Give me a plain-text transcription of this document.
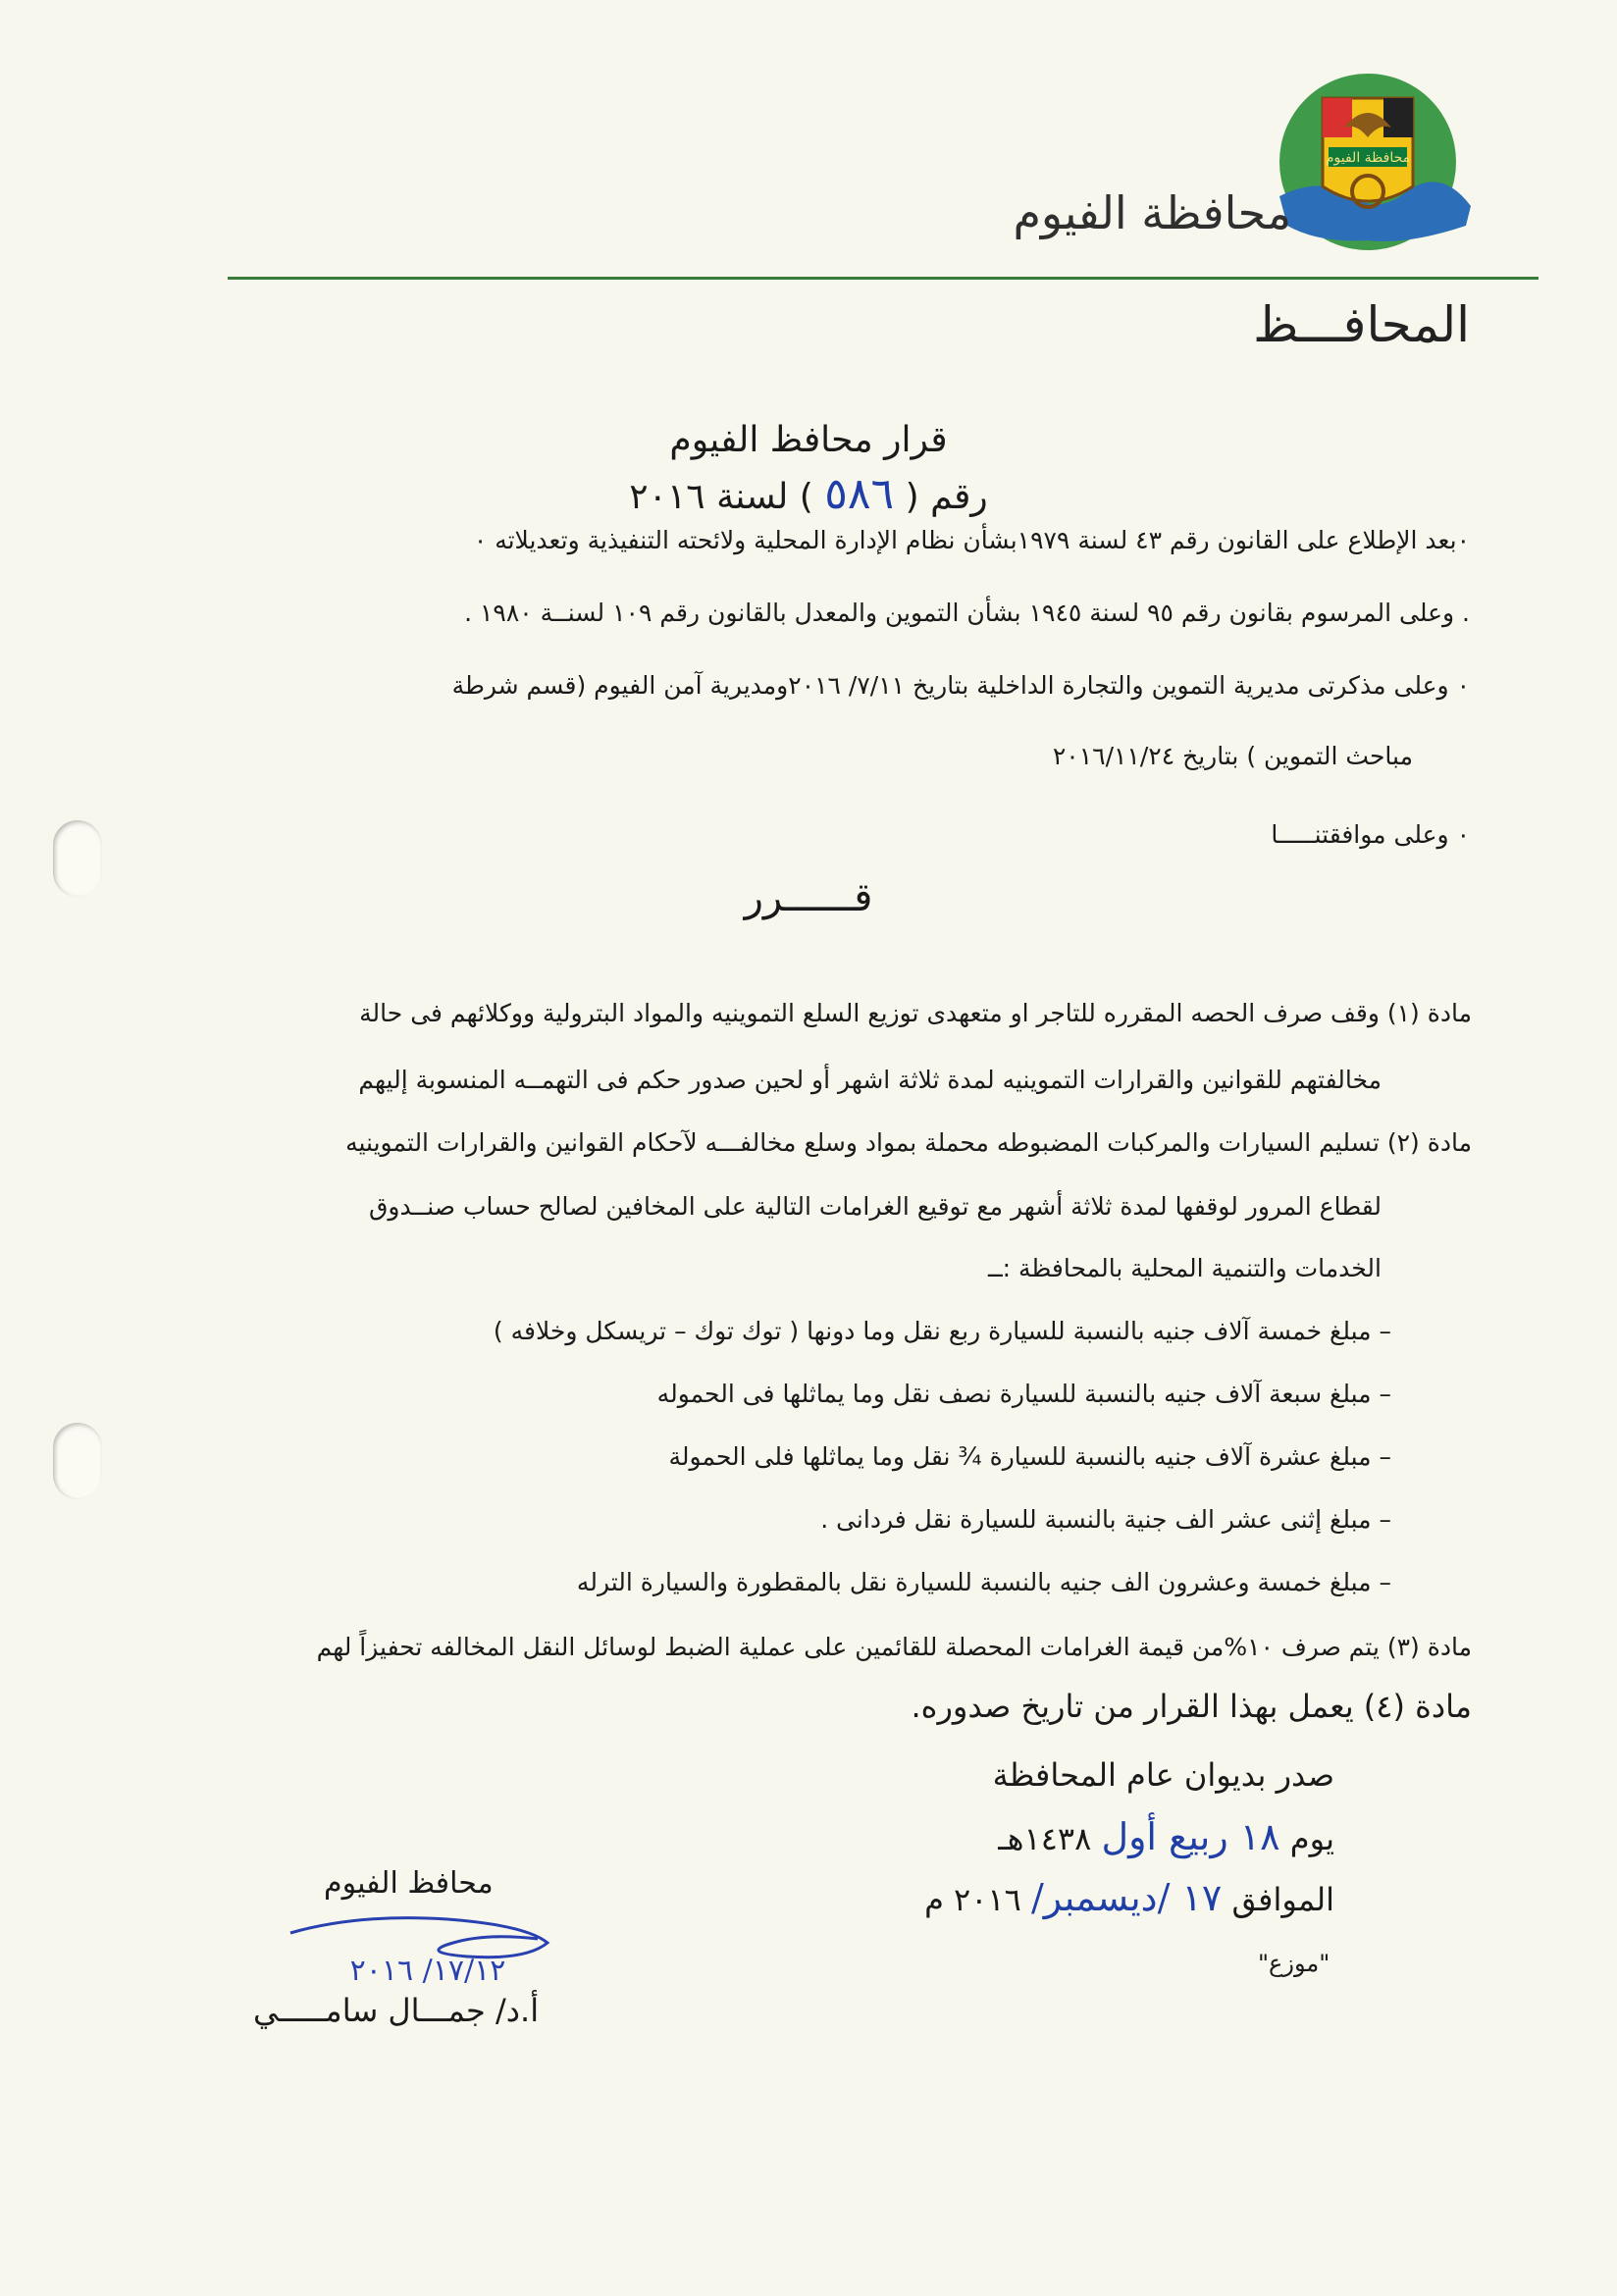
محافظة الفيوم
محافظة الفيوم
المحافـــظ
قرار محافظ الفيوم
رقم ( ٥٨٦ ) لسنة ٢٠١٦
٠بعد الإطلاع على القانون رقم ٤٣ لسنة ١٩٧٩بشأن نظام الإدارة المحلية ولائحته التنفيذية وتعديلاته ٠
. وعلى المرسوم بقانون رقم ٩٥ لسنة ١٩٤٥ بشأن التموين والمعدل بالقانون رقم ١٠٩ لسنــة ١٩٨٠ .
٠ وعلى مذكرتى مديرية التموين والتجارة الداخلية بتاريخ ٧/١١/ ٢٠١٦ومديرية آمن الفيوم (قسم شرطة
مباحث التموين ) بتاريخ ٢٠١٦/١١/٢٤
٠ وعلى موافقتنـــــا
قــــــرر
مادة (١) وقف صرف الحصه المقرره للتاجر او متعهدى توزيع السلع التموينيه والمواد البترولية ووكلائهم فى حالة
مخالفتهم للقوانين والقرارات التموينيه لمدة ثلاثة اشهر أو لحين صدور حكم فى التهمــه المنسوبة إليهم
مادة (٢) تسليم السيارات والمركبات المضبوطه محملة بمواد وسلع مخالفـــه لآحكام القوانين والقرارات التموينيه
لقطاع المرور لوقفها لمدة ثلاثة أشهر مع توقيع الغرامات التالية على المخافين لصالح حساب صنــدوق
الخدمات والتنمية المحلية بالمحافظة :ــ
– مبلغ خمسة آلاف جنيه بالنسبة للسيارة ربع نقل وما دونها ( توك توك – تريسكل وخلافه )
– مبلغ سبعة آلاف جنيه بالنسبة للسيارة نصف نقل وما يماثلها فى الحموله
– مبلغ عشرة آلاف جنيه بالنسبة للسيارة ¾ نقل وما يماثلها فلى الحمولة
– مبلغ إثنى عشر الف جنية بالنسبة للسيارة نقل فردانى .
– مبلغ خمسة وعشرون الف جنيه بالنسبة للسيارة نقل بالمقطورة والسيارة الترله
مادة (٣) يتم صرف ١٠%من قيمة الغرامات المحصلة للقائمين على عملية الضبط لوسائل النقل المخالفه تحفيزاً لهم
مادة (٤) يعمل بهذا القرار من تاريخ صدوره.
صدر بديوان عام المحافظة
يوم ١٨ ربيع أول ١٤٣٨هـ
الموافق ١٧ /ديسمبر/ ٢٠١٦ م
"موزع"
محافظ الفيوم
١٧/١٢/ ٢٠١٦
أ.د/ جمـــال سامـــــي
